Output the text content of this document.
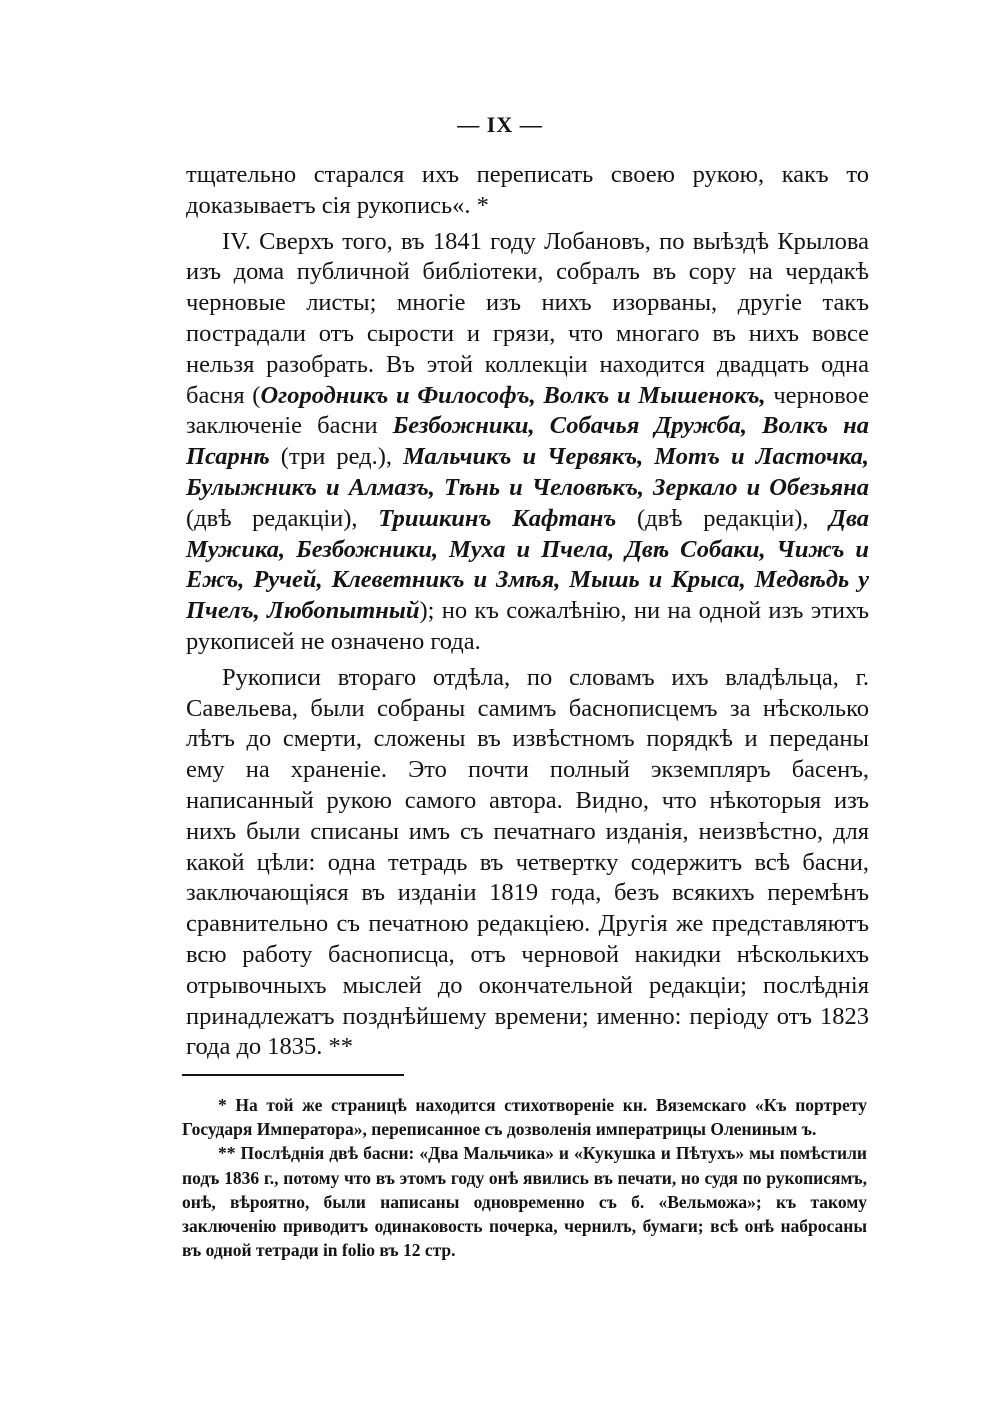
— IX —

тщательно старался ихъ переписать своею рукою, какъ то доказываетъ сія рукопись«. *

IV. Сверхъ того, въ 1841 году Лобановъ, по выѣздѣ Крылова изъ дома публичной библіотеки, собралъ въ сору на чердакѣ черновые листы; многіе изъ нихъ изорваны, другіе такъ пострадали отъ сырости и грязи, что многаго въ нихъ вовсе нельзя разобрать. Въ этой коллекціи находится двадцать одна басня (Огородникъ и Философъ, Волкъ и Мышенокъ, черновое заключеніе басни Безбожники, Собачья Дружба, Волкъ на Псарнѣ (три ред.), Мальчикъ и Червякъ, Мотъ и Ласточка, Булыжникъ и Алмазъ, Тѣнь и Человѣкъ, Зеркало и Обезьяна (двѣ редакціи), Тришкинъ Кафтанъ (двѣ редакціи), Два Мужика, Безбожники, Муха и Пчела, Двѣ Собаки, Чижъ и Ежъ, Ручей, Клеветникъ и Змѣя, Мышь и Крыса, Медвѣдь у Пчелъ, Любопытный); но къ сожалѣнію, ни на одной изъ этихъ рукописей не означено года.

Рукописи втораго отдѣла, по словамъ ихъ владѣльца, г. Савельева, были собраны самимъ баснописцемъ за нѣсколько лѣтъ до смерти, сложены въ извѣстномъ порядкѣ и переданы ему на храненіе. Это почти полный экземпляръ басенъ, написанный рукою самого автора. Видно, что нѣкоторыя изъ нихъ были списаны имъ съ печатнаго изданія, неизвѣстно, для какой цѣли: одна тетрадь въ четвертку содержитъ всѣ басни, заключающіяся въ изданіи 1819 года, безъ всякихъ перемѣнъ сравнительно съ печатною редакціею. Другія же представляютъ всю работу баснописца, отъ черновой накидки нѣсколькихъ отрывочныхъ мыслей до окончательной редакціи; послѣднія принадлежатъ позднѣйшему времени; именно: періоду отъ 1823 года до 1835. **

* На той же страницѣ находится стихотвореніе кн. Вяземскаго «Къ портрету Государя Императора», переписанное съ дозволенія императрицы Олениным ъ.

** Послѣднія двѣ басни: «Два Мальчика» и «Кукушка и Пѣтухъ» мы помѣстили подъ 1836 г., потому что въ этомъ году онѣ явились въ печати, но судя по рукописямъ, онѣ, вѣроятно, были написаны одновременно съ б. «Вельможа»; къ такому заключенію приводитъ одинаковость почерка, чернилъ, бумаги; всѣ онѣ набросаны въ одной тетради in folio въ 12 стр.
